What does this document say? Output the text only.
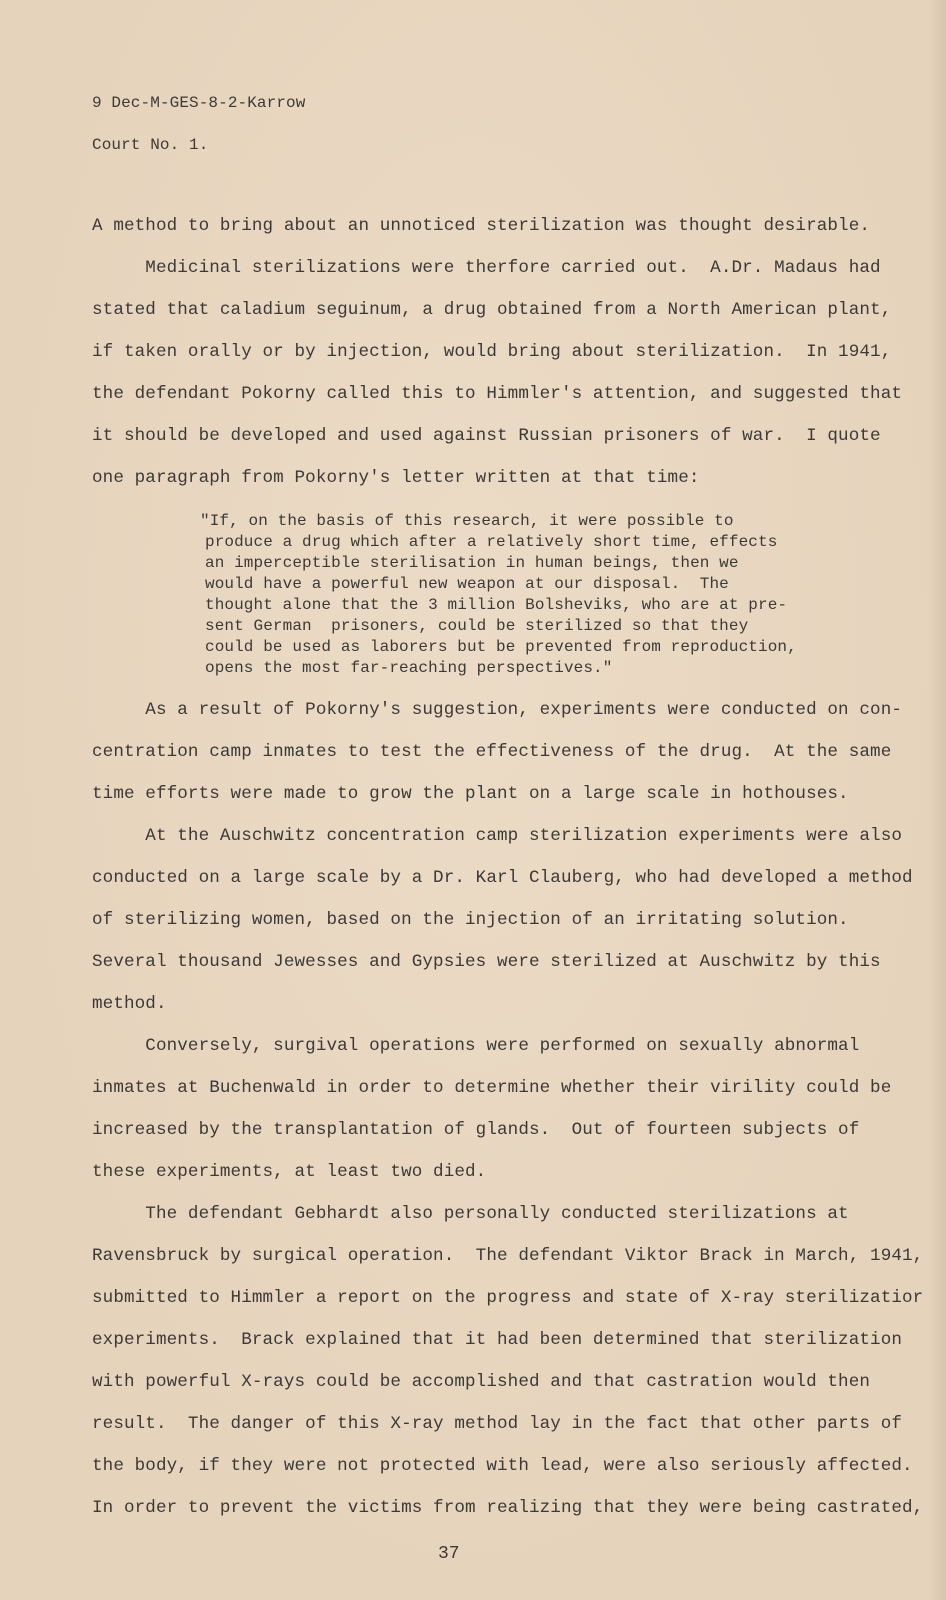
9 Dec-M-GES-8-2-Karrow
Court No. 1.
A method to bring about an unnoticed sterilization was thought desirable.
Medicinal sterilizations were therfore carried out.  A.Dr. Madaus had
stated that caladium seguinum, a drug obtained from a North American plant,
if taken orally or by injection, would bring about sterilization.  In 1941,
the defendant Pokorny called this to Himmler's attention, and suggested that
it should be developed and used against Russian prisoners of war.  I quote
one paragraph from Pokorny's letter written at that time:
"If, on the basis of this research, it were possible to
produce a drug which after a relatively short time, effects
an imperceptible sterilisation in human beings, then we
would have a powerful new weapon at our disposal.  The
thought alone that the 3 million Bolsheviks, who are at pre-
sent German  prisoners, could be sterilized so that they
could be used as laborers but be prevented from reproduction,
opens the most far-reaching perspectives."
As a result of Pokorny's suggestion, experiments were conducted on con-
centration camp inmates to test the effectiveness of the drug.  At the same
time efforts were made to grow the plant on a large scale in hothouses.
At the Auschwitz concentration camp sterilization experiments were also
conducted on a large scale by a Dr. Karl Clauberg, who had developed a method
of sterilizing women, based on the injection of an irritating solution.
Several thousand Jewesses and Gypsies were sterilized at Auschwitz by this
method.
Conversely, surgival operations were performed on sexually abnormal
inmates at Buchenwald in order to determine whether their virility could be
increased by the transplantation of glands.  Out of fourteen subjects of
these experiments, at least two died.
The defendant Gebhardt also personally conducted sterilizations at
Ravensbruck by surgical operation.  The defendant Viktor Brack in March, 1941,
submitted to Himmler a report on the progress and state of X-ray sterilizatior
experiments.  Brack explained that it had been determined that sterilization
with powerful X-rays could be accomplished and that castration would then
result.  The danger of this X-ray method lay in the fact that other parts of
the body, if they were not protected with lead, were also seriously affected.
In order to prevent the victims from realizing that they were being castrated,
37
